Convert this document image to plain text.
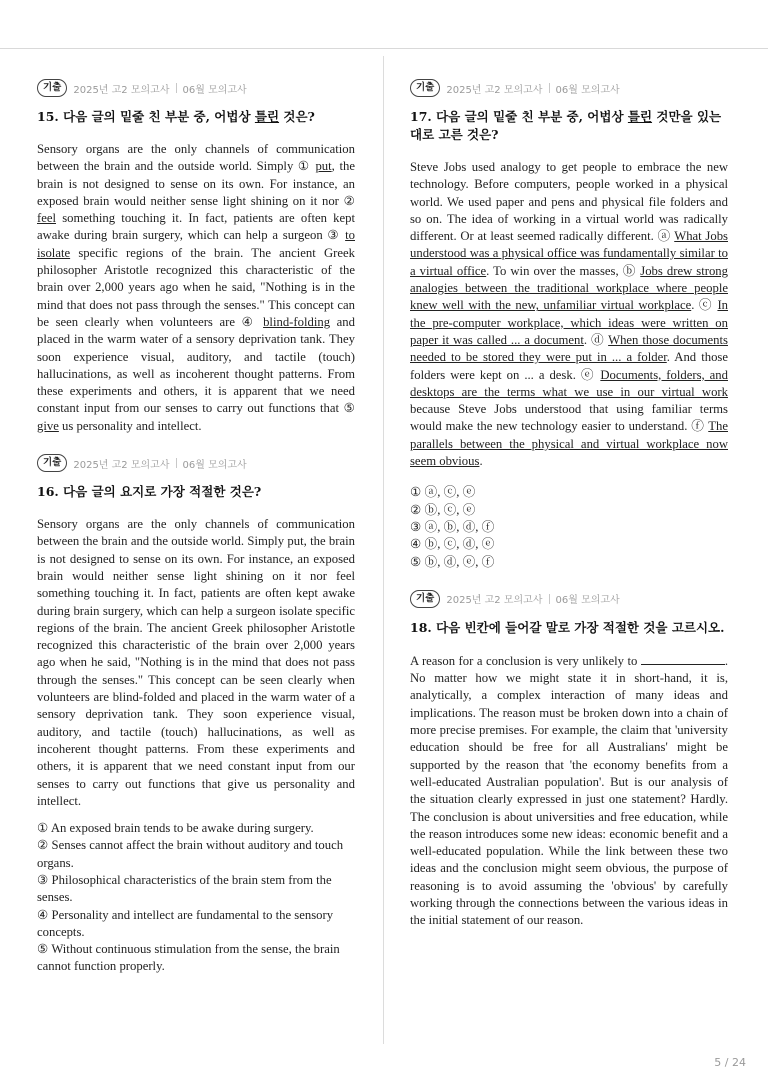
기출	2025년 고2 모의고사 06월 모의고사

15. 다음 글의 밑줄 친 부분 중, 어법상 틀린 것은?

Sensory organs are the only channels of communication between the brain and the outside world. Simply ① put, the brain is not designed to sense on its own. For instance, an exposed brain would neither sense light shining on it nor ② feel something touching it. In fact, patients are often kept awake during brain surgery, which can help a surgeon ③ to isolate specific regions of the brain. The ancient Greek philosopher Aristotle recognized this characteristic of the brain over 2,000 years ago when he said, "Nothing is in the mind that does not pass through the senses." This concept can be seen clearly when volunteers are ④ blind-folding and placed in the warm water of a sensory deprivation tank. They soon experience visual, auditory, and tactile (touch) hallucinations, as well as incoherent thought patterns. From these experiments and others, it is apparent that we need constant input from our senses to carry out functions that ⑤ give us personality and intellect.

기출	2025년 고2 모의고사 06월 모의고사

16. 다음 글의 요지로 가장 적절한 것은?

Sensory organs are the only channels of communication between the brain and the outside world. Simply put, the brain is not designed to sense on its own. For instance, an exposed brain would neither sense light shining on it nor feel something touching it. In fact, patients are often kept awake during brain surgery, which can help a surgeon isolate specific regions of the brain. The ancient Greek philosopher Aristotle recognized this characteristic of the brain over 2,000 years ago when he said, "Nothing is in the mind that does not pass through the senses." This concept can be seen clearly when volunteers are blind-folded and placed in the warm water of a sensory deprivation tank. They soon experience visual, auditory, and tactile (touch) hallucinations, as well as incoherent thought patterns. From these experiments and others, it is apparent that we need constant input from our senses to carry out functions that give us personality and intellect.

① An exposed brain tends to be awake during surgery.
② Senses cannot affect the brain without auditory and touch organs.
③ Philosophical characteristics of the brain stem from the senses.
④ Personality and intellect are fundamental to the sensory concepts.
⑤ Without continuous stimulation from the sense, the brain cannot function properly.
기출	2025년 고2 모의고사 06월 모의고사

17. 다음 글의 밑줄 친 부분 중, 어법상 틀린 것만을 있는 대로 고른 것은?

Steve Jobs used analogy to get people to embrace the new technology. Before computers, people worked in a physical world. We used paper and pens and physical file folders and so on. The idea of working in a virtual world was radically different. Or at least seemed radically different. ⓐ What Jobs understood was a physical office was fundamentally similar to a virtual office. To win over the masses, ⓑ Jobs drew strong analogies between the traditional workplace where people knew well with the new, unfamiliar virtual workplace. ⓒ In the pre-computer workplace, which ideas were written on paper it was called ... a document. ⓓ When those documents needed to be stored they were put in ... a folder. And those folders were kept on ... a desk. ⓔ Documents, folders, and desktops are the terms what we use in our virtual work because Steve Jobs understood that using familiar terms would make the new technology easier to understand. ⓕ The parallels between the physical and virtual workplace now seem obvious.

① ⓐ, ⓒ, ⓔ
② ⓑ, ⓒ, ⓔ
③ ⓐ, ⓑ, ⓓ, ⓕ
④ ⓑ, ⓒ, ⓓ, ⓔ
⑤ ⓑ, ⓓ, ⓔ, ⓕ
기출	2025년 고2 모의고사 06월 모의고사

18. 다음 빈칸에 들어갈 말로 가장 적절한 것을 고르시오.

A reason for a conclusion is very unlikely to	. No matter how we might state it in short-hand, it is, analytically, a complex interaction of many ideas and implications. The reason must be broken down into a chain of more precise premises. For example, the claim that 'university education should be free for all Australians' might be supported by the reason that 'the economy benefits from a well-educated Australian population'. But is our analysis of the situation clearly expressed in just one statement? Hardly. The conclusion is about universities and free education, while the reason introduces some new ideas: economic benefit and a well-educated population. While the link between these two ideas and the conclusion might seem obvious, the purpose of reasoning is to avoid assuming the 'obvious' by carefully working through the connections between the various ideas in the initial statement of our reason.

5 / 24
